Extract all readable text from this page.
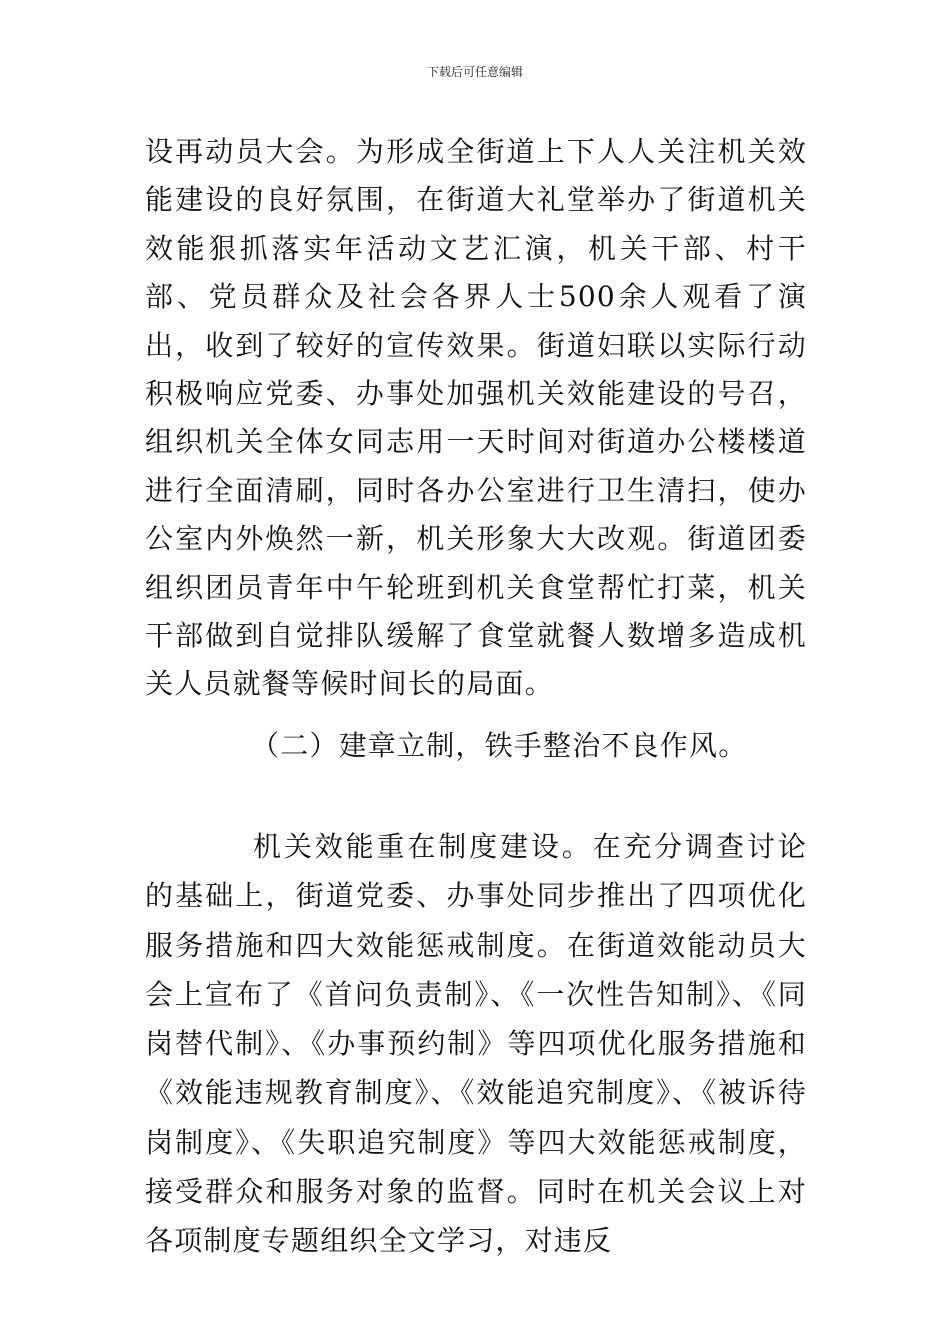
下载后可任意编辑
设再动员大会。为形成全街道上下人人关注机关效能建设的良好氛围，在街道大礼堂举办了街道机关效能狠抓落实年活动文艺汇演，机关干部、村干部、党员群众及社会各界人士500余人观看了演出，收到了较好的宣传效果。街道妇联以实际行动积极响应党委、办事处加强机关效能建设的号召，组织机关全体女同志用一天时间对街道办公楼楼道进行全面清刷，同时各办公室进行卫生清扫，使办公室内外焕然一新，机关形象大大改观。街道团委组织团员青年中午轮班到机关食堂帮忙打菜，机关干部做到自觉排队缓解了食堂就餐人数增多造成机关人员就餐等候时间长的局面。
（二）建章立制，铁手整治不良作风。
机关效能重在制度建设。在充分调查讨论的基础上，街道党委、办事处同步推出了四项优化服务措施和四大效能惩戒制度。在街道效能动员大会上宣布了《首问负责制》、《一次性告知制》、《同岗替代制》、《办事预约制》等四项优化服务措施和《效能违规教育制度》、《效能追究制度》、《被诉待岗制度》、《失职追究制度》等四大效能惩戒制度，接受群众和服务对象的监督。同时在机关会议上对各项制度专题组织全文学习，对违反
